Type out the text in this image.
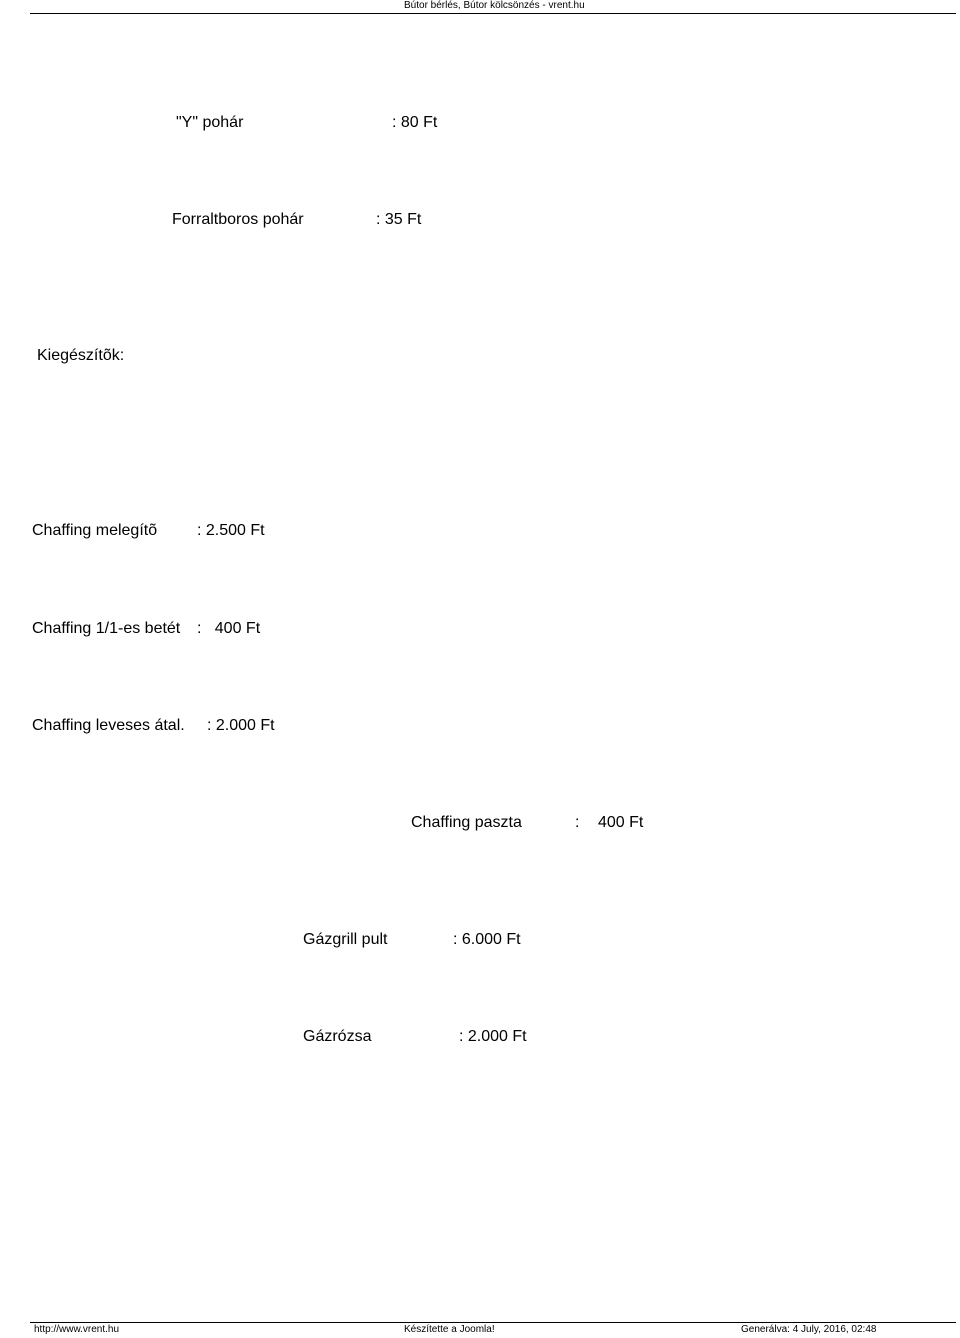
Bútor bérlés, Bútor kölcsönzés - vrent.hu
"Y" pohár	: 80 Ft
Forraltboros pohár	: 35 Ft
Kiegészítõk:
Chaffing melegítõ : 2.500 Ft
Chaffing 1/1-es betét :   400 Ft
Chaffing leveses átal. : 2.000 Ft
Chaffing paszta	: 400 Ft
Gázgrill pult	: 6.000 Ft
Gázrózsa	: 2.000 Ft
http://www.vrent.hu	Készítette a Joomla!	Generálva: 4 July, 2016, 02:48
